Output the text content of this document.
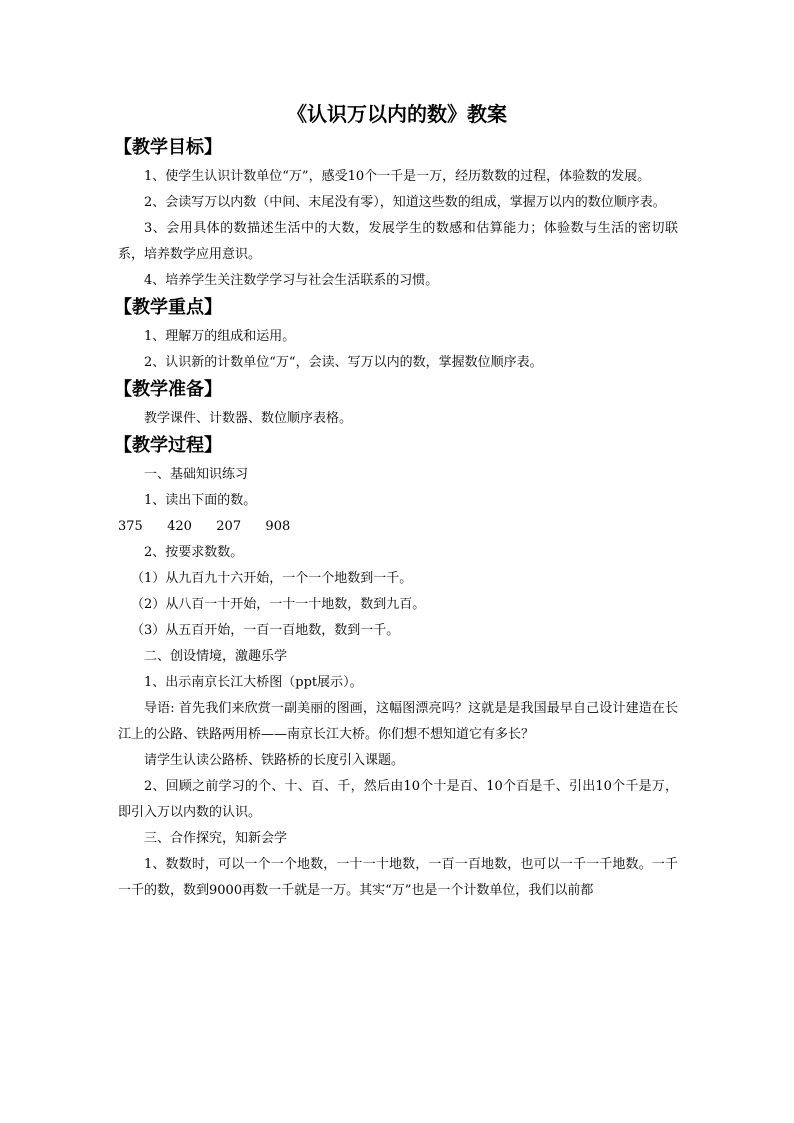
《认识万以内的数》教案
【教学目标】
1、使学生认识计数单位“万”，感受10个一千是一万，经历数数的过程，体验数的发展。
2、会读写万以内数（中间、末尾没有零），知道这些数的组成，掌握万以内的数位顺序表。
3、会用具体的数描述生活中的大数，发展学生的数感和估算能力；体验数与生活的密切联系，培养数学应用意识。
4、培养学生关注数学学习与社会生活联系的习惯。
【教学重点】
1、理解万的组成和运用。
2、认识新的计数单位“万“，会读、写万以内的数，掌握数位顺序表。
【教学准备】
教学课件、计数器、数位顺序表格。
【教学过程】
一、基础知识练习
1、读出下面的数。
375 420 207 908
2、按要求数数。
（1）从九百九十六开始，一个一个地数到一千。
（2）从八百一十开始，一十一十地数，数到九百。
（3）从五百开始，一百一百地数，数到一千。
二、创设情境，激趣乐学
1、出示南京长江大桥图（ppt展示）。
导语: 首先我们来欣赏一副美丽的图画，这幅图漂亮吗？这就是是我国最早自己设计建造在长江上的公路、铁路两用桥——南京长江大桥。你们想不想知道它有多长？
请学生认读公路桥、铁路桥的长度引入课题。
2、回顾之前学习的个、十、百、千，然后由10个十是百、10个百是千、引出10个千是万，即引入万以内数的认识。
三、合作探究，知新会学
1、数数时，可以一个一个地数，一十一十地数，一百一百地数，也可以一千一千地数。一千一千的数，数到9000再数一千就是一万。其实“万”也是一个计数单位，我们以前都
